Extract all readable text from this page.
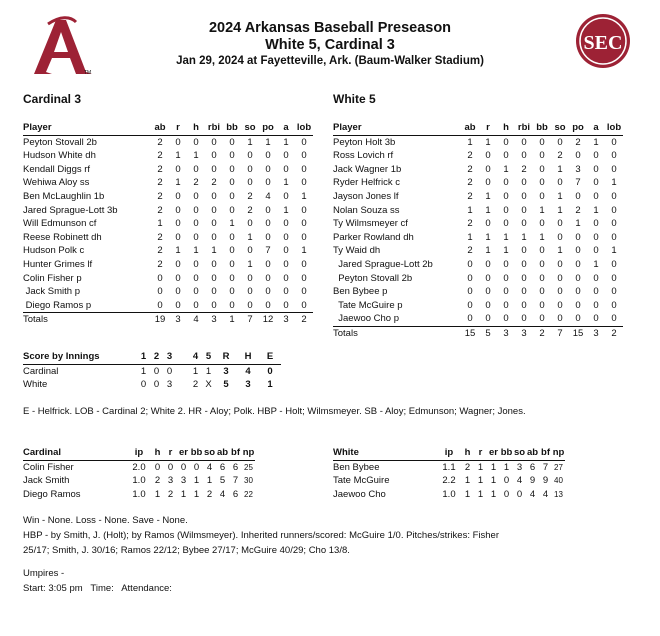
TM
SEC
2024 Arkansas Baseball Preseason
White 5, Cardinal 3
Jan 29, 2024 at Fayetteville, Ark. (Baum-Walker Stadium)
Cardinal 3	White 5
Player	ab	r	h	rbi	bb	so	po	a	lob
Peyton Stovall 2b	2	0	0	0	0	1	1	1	0
Hudson White dh	2	1	1	0	0	0	0	0	0
Kendall Diggs rf	2	0	0	0	0	0	0	0	0
Wehiwa Aloy ss	2	1	2	2	0	0	0	1	0
Ben McLaughlin 1b	2	0	0	0	0	2	4	0	1
Jared Sprague-Lott 3b	2	0	0	0	0	2	0	1	0
Will Edmunson cf	1	0	0	0	1	0	0	0	0
Reese Robinett dh	2	0	0	0	0	1	0	0	0
Hudson Polk c	2	1	1	1	0	0	7	0	1
Hunter Grimes lf	2	0	0	0	0	1	0	0	0
Colin Fisher p	0	0	0	0	0	0	0	0	0
Jack Smith p	0	0	0	0	0	0	0	0	0
Diego Ramos p	0	0	0	0	0	0	0	0	0
Totals	19	3	4	3	1	7	12	3	2
Player	ab	r	h	rbi	bb	so	po	a	lob
Peyton Holt 3b	1	1	0	0	0	0	2	1	0
Ross Lovich rf	2	0	0	0	0	2	0	0	0
Jack Wagner 1b	2	0	1	2	0	1	3	0	0
Ryder Helfrick c	2	0	0	0	0	0	7	0	1
Jayson Jones lf	2	1	0	0	0	1	0	0	0
Nolan Souza ss	1	1	0	0	1	1	2	1	0
Ty Wilmsmeyer cf	2	0	0	0	0	0	1	0	0
Parker Rowland dh	1	1	1	1	1	0	0	0	0
Ty Waid dh	2	1	1	0	0	1	0	0	1
Jared Sprague-Lott 2b	0	0	0	0	0	0	0	1	0
Peyton Stovall 2b	0	0	0	0	0	0	0	0	0
Ben Bybee p	0	0	0	0	0	0	0	0	0
Tate McGuire p	0	0	0	0	0	0	0	0	0
Jaewoo Cho p	0	0	0	0	0	0	0	0	0
Totals	15	5	3	3	2	7	15	3	2
Score by Innings	1	2	3		4	5	R	H	E
Cardinal	1	0	0		1	1	3	4	0
White	0	0	3		2	X	5	3	1
E - Helfrick. LOB - Cardinal 2; White 2. HR - Aloy; Polk. HBP - Holt; Wilmsmeyer. SB - Aloy; Edmunson; Wagner; Jones.
Cardinal	ip	h	r	er	bb	so	ab	bf	np
Colin Fisher	2.0	0	0	0	0	4	6	6	25
Jack Smith	1.0	2	3	3	1	1	5	7	30
Diego Ramos	1.0	1	2	1	1	2	4	6	22
White	ip	h	r	er	bb	so	ab	bf	np
Ben Bybee	1.1	2	1	1	1	3	6	7	27
Tate McGuire	2.2	1	1	1	0	4	9	9	40
Jaewoo Cho	1.0	1	1	1	0	0	4	4	13
Win - None. Loss - None. Save - None.
HBP - by Smith, J. (Holt); by Ramos (Wilmsmeyer). Inherited runners/scored: McGuire 1/0. Pitches/strikes: Fisher
25/17; Smith, J. 30/16; Ramos 22/12; Bybee 27/17; McGuire 40/29; Cho 13/8.
Umpires -
Start: 3:05 pm   Time:   Attendance:
